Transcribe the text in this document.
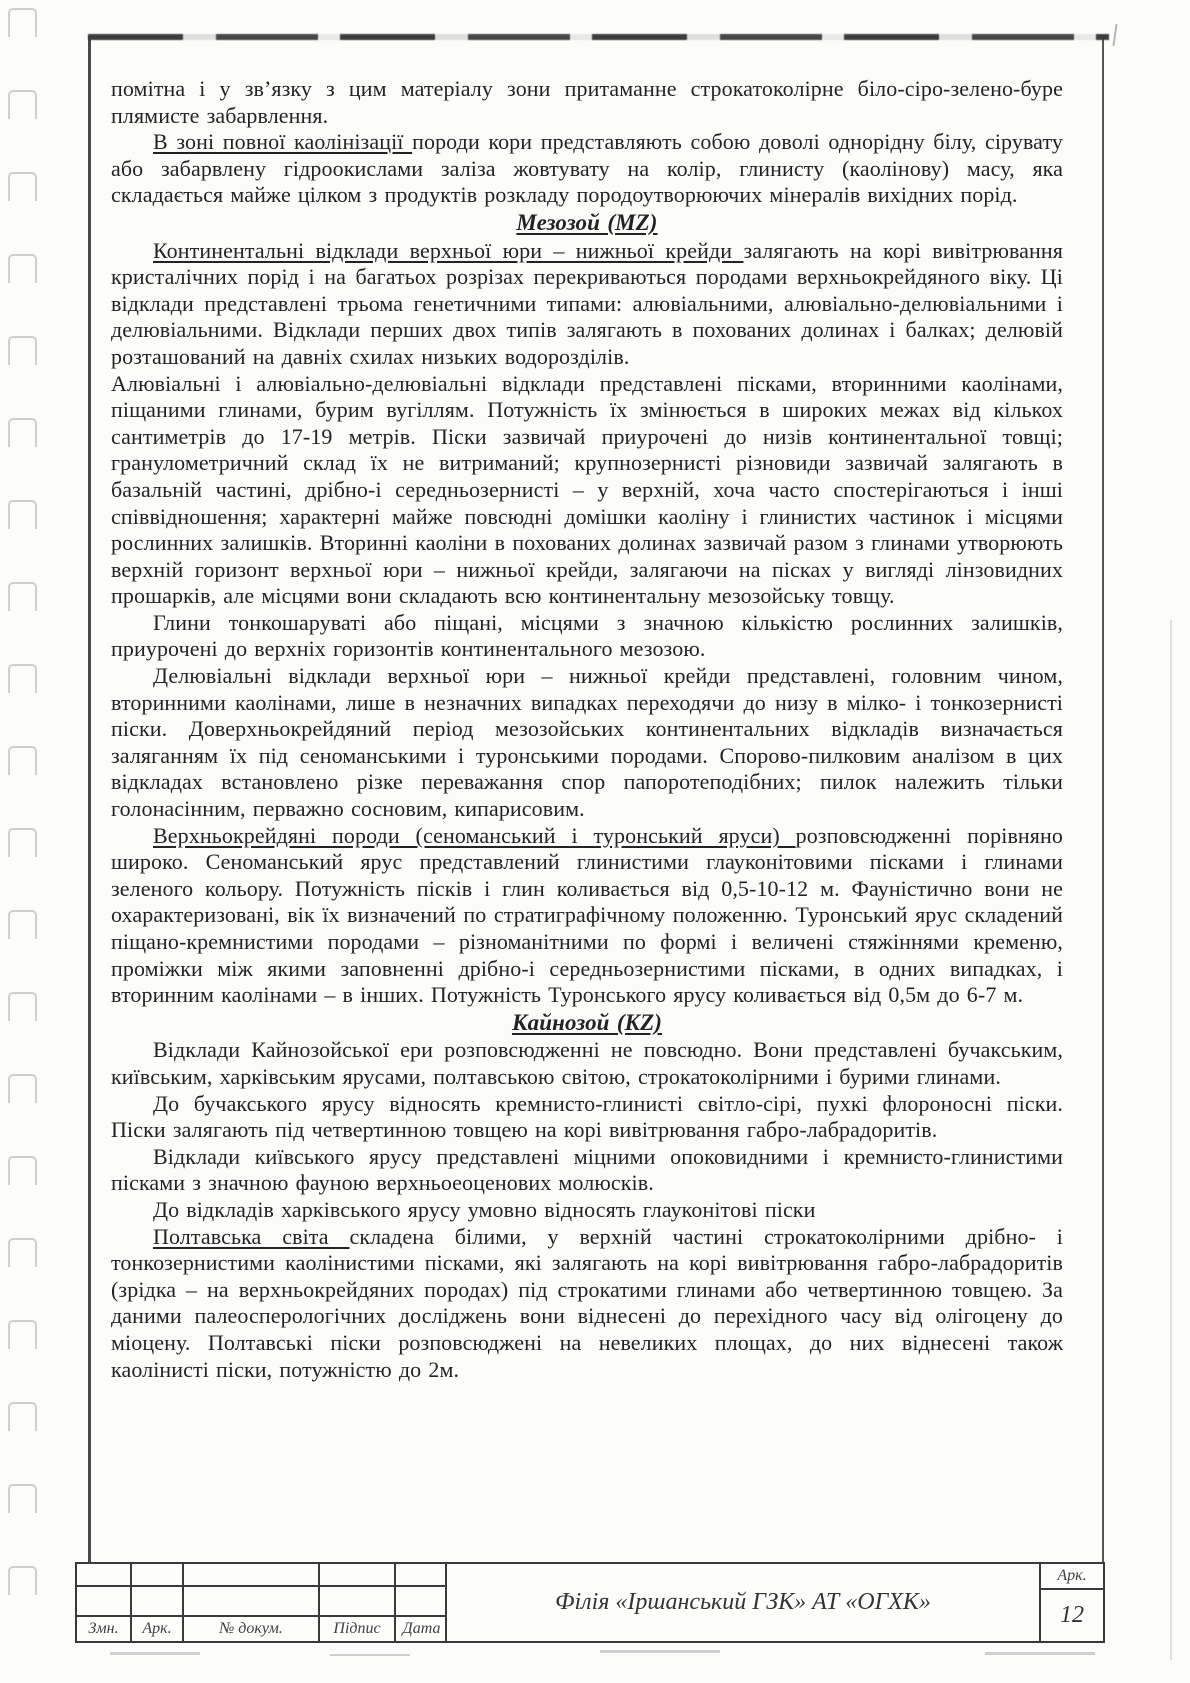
помітна і у зв’язку з цим матеріалу зони притаманне строкатоколірне біло-сіро-зелено-буре плямисте забарвлення.

В зоні повної каолінізації породи кори представляють собою доволі однорідну білу, сірувату або забарвлену гідроокислами заліза жовтувату на колір, глинисту (каолінову) масу, яка складається майже цілком з продуктів розкладу породоутворюючих мінералів вихідних порід.

Мезозой (MZ)

Континентальні відклади верхньої юри – нижньої крейди залягають на корі вивітрювання кристалічних порід і на багатьох розрізах перекриваються породами верхньокрейдяного віку. Ці відклади представлені трьома генетичними типами: алювіальними, алювіально-делювіальними і делювіальними. Відклади перших двох типів залягають в похованих долинах і балках; делювій розташований на давніх схилах низьких водорозділів.

Алювіальні і алювіально-делювіальні відклади представлені пісками, вторинними каолінами, піщаними глинами, бурим вугіллям. Потужність їх змінюється в широких межах від кількох сантиметрів до 17-19 метрів. Піски зазвичай приурочені до низів континентальної товщі; гранулометричний склад їх не витриманий; крупнозернисті різновиди зазвичай залягають в базальній частині, дрібно-і середньозернисті – у верхній, хоча часто спостерігаються і інші співвідношення; характерні майже повсюдні домішки каоліну і глинистих частинок і місцями рослинних залишків. Вторинні каоліни в похованих долинах зазвичай разом з глинами утворюють верхній горизонт верхньої юри – нижньої крейди, залягаючи на пісках у вигляді лінзовидних прошарків, але місцями вони складають всю континентальну мезозойську товщу.

Глини тонкошаруваті або піщані, місцями з значною кількістю рослинних залишків, приурочені до верхніх горизонтів континентального мезозою.

Делювіальні відклади верхньої юри – нижньої крейди представлені, головним чином, вторинними каолінами, лише в незначних випадках переходячи до низу в мілко- і тонкозернисті піски. Доверхньокрейдяний період мезозойських континентальних відкладів визначається заляганням їх під сеноманськими і туронськими породами. Спорово-пилковим аналізом в цих відкладах встановлено різке переважання спор папоротеподібних; пилок належить тільки голонасінним, перважно сосновим, кипарисовим.

Верхньокрейдяні породи (сеноманський і туронський яруси) розповсюдженні порівняно широко. Сеноманський ярус представлений глинистими глауконітовими пісками і глинами зеленого кольору. Потужність пісків і глин коливається від 0,5-10-12 м. Фауністично вони не охарактеризовані, вік їх визначений по стратиграфічному положенню. Туронський ярус складений піщано-кремнистими породами – різноманітними по формі і величені стяжіннями кременю, проміжки між якими заповненні дрібно-і середньозернистими пісками, в одних випадках, і вторинним каолінами – в інших. Потужність Туронського ярусу коливається від 0,5м до 6-7 м.

Кайнозой (KZ)

Відклади Кайнозойської ери розповсюдженні не повсюдно. Вони представлені бучакським, київським, харківським ярусами, полтавською світою, строкатоколірними і бурими глинами.

До бучакського ярусу відносять кремнисто-глинисті світло-сірі, пухкі флороносні піски. Піски залягають під четвертинною товщею на корі вивітрювання габро-лабрадоритів.

Відклади київського ярусу представлені міцними опоковидними і кремнисто-глинистими пісками з значною фауною верхньоеоценових молюсків.

До відкладів харківського ярусу умовно відносять глауконітові піски

Полтавська світа складена білими, у верхній частині строкатоколірними дрібно- і тонкозернистими каолінистими пісками, які залягають на корі вивітрювання габро-лабрадоритів (зрідка – на верхньокрейдяних породах) під строкатими глинами або четвертинною товщею. За даними палеосперологічних досліджень вони віднесені до перехідного часу від олігоцену до міоцену. Полтавські піски розповсюджені на невеликих площах, до них віднесені також каолінисті піски, потужністю до 2м.

Змн.	Арк.	№ докум.	Підпис	Дата
Філія «Іршанський ГЗК» АТ «ОГХК»
Арк.
12
